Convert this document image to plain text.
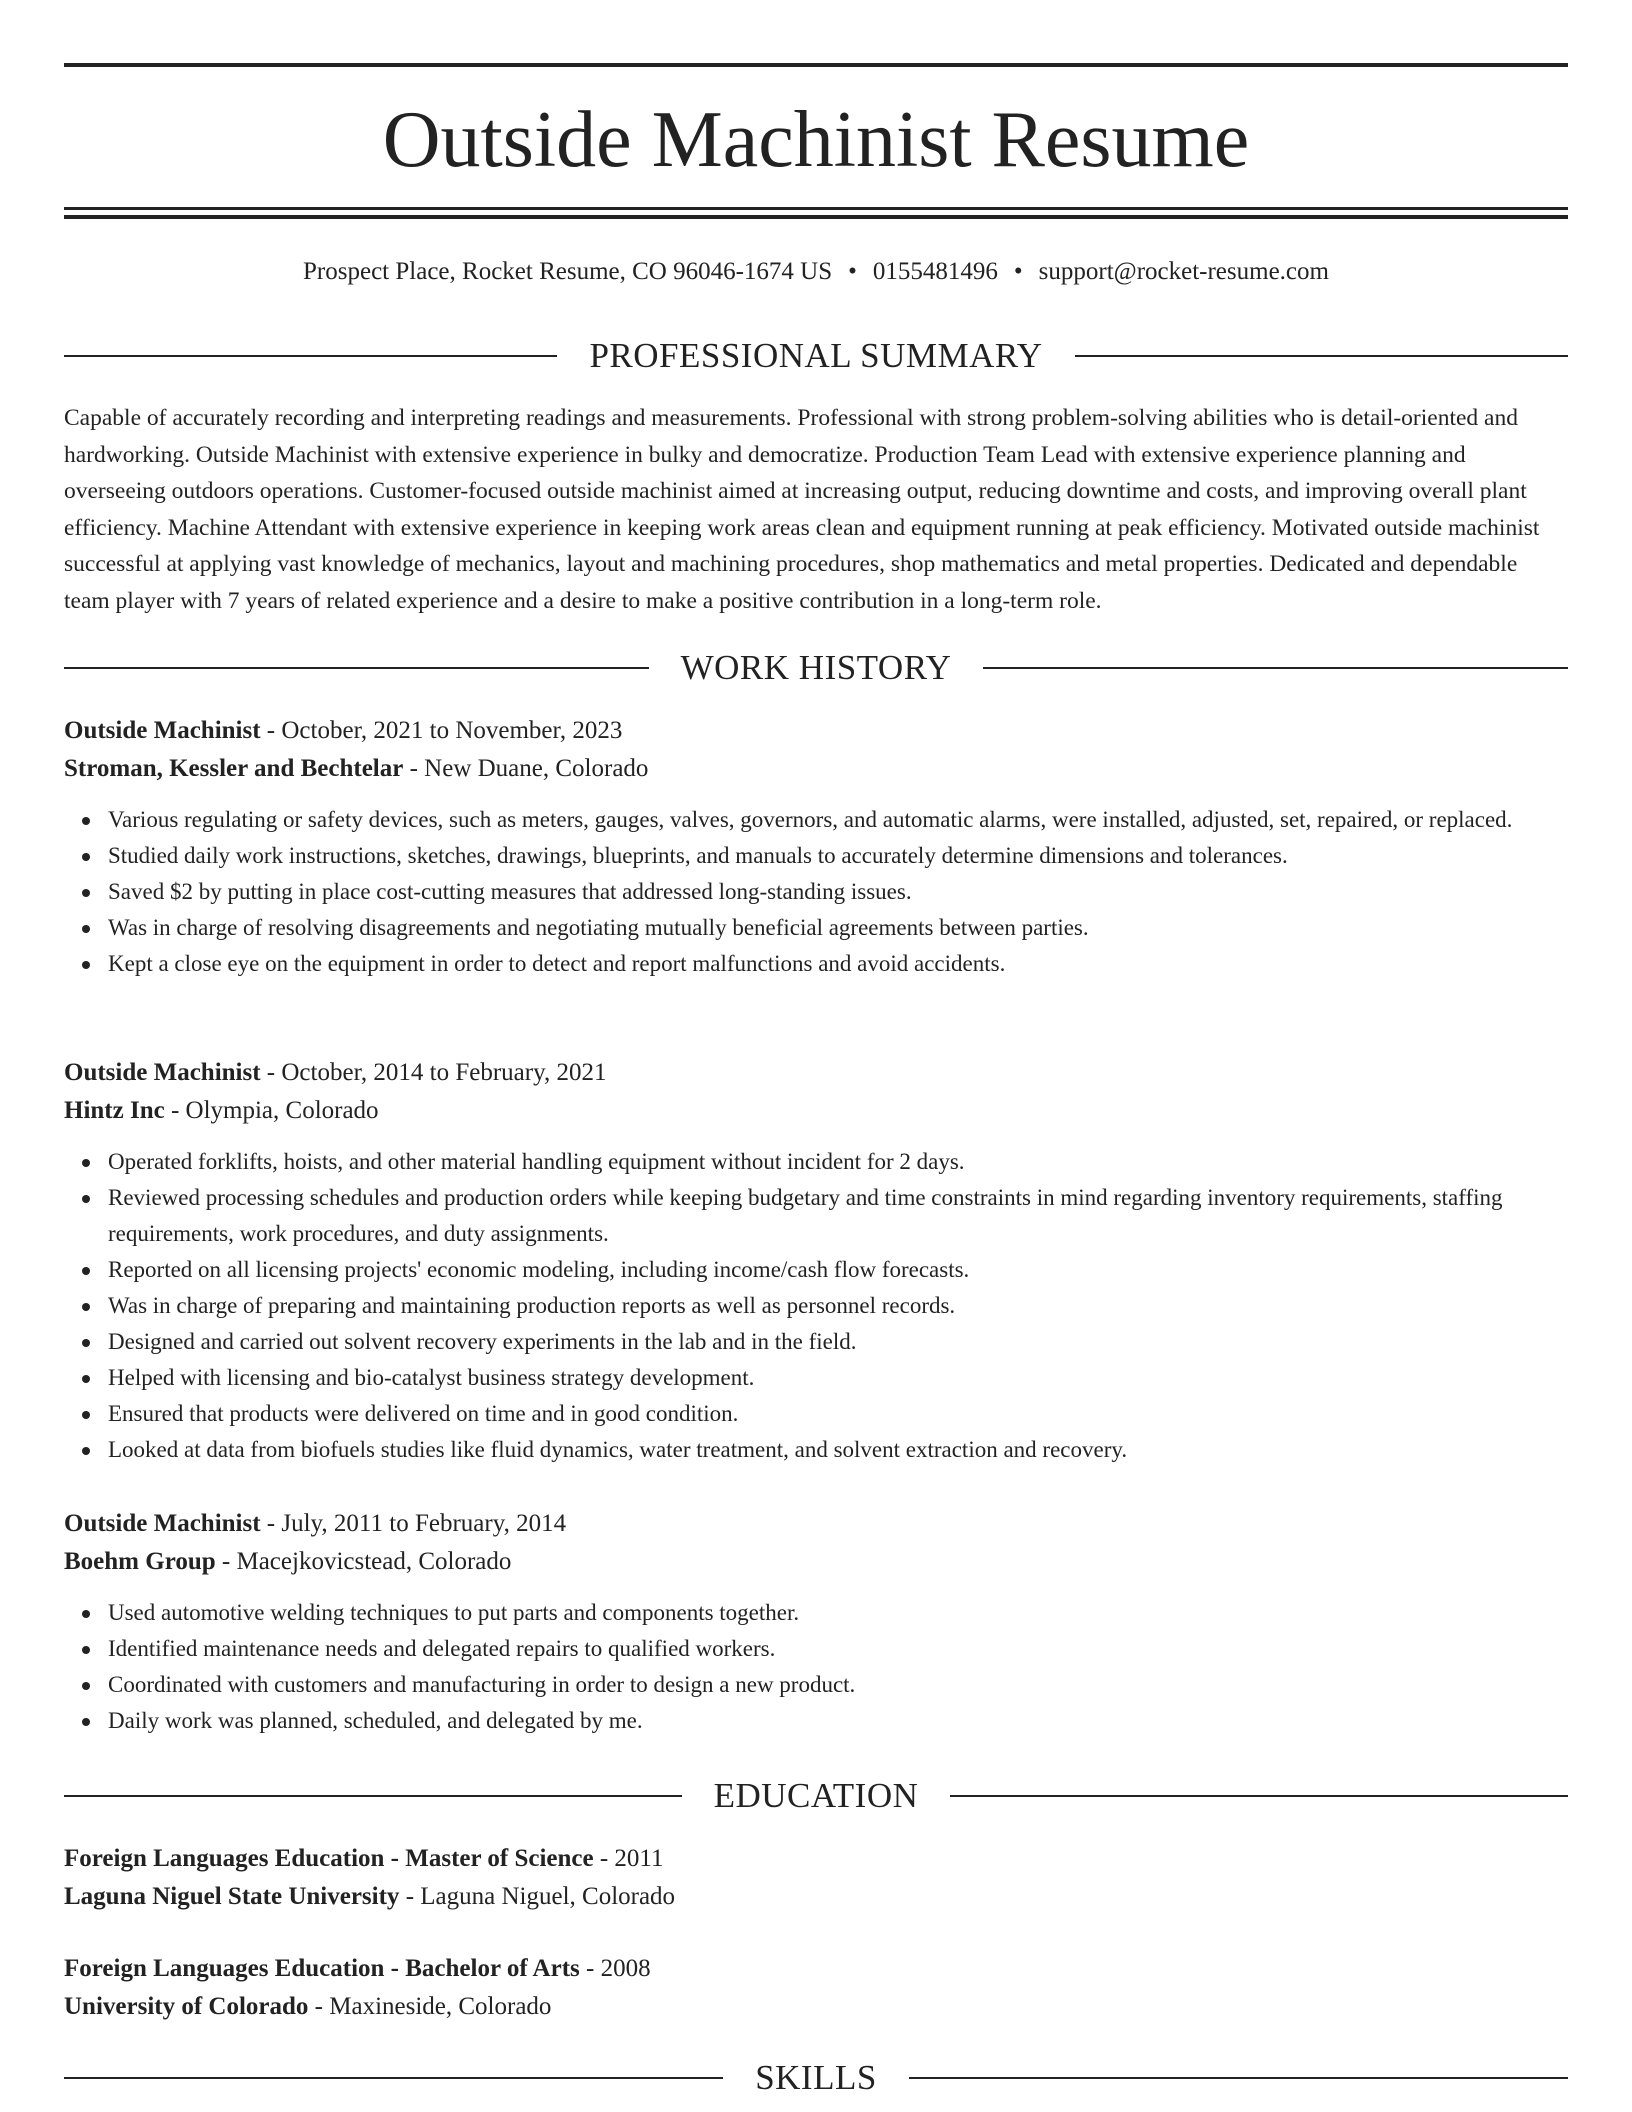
Outside Machinist Resume
Prospect Place, Rocket Resume, CO 96046-1674 US • 0155481496 • support@rocket-resume.com
PROFESSIONAL SUMMARY

Capable of accurately recording and interpreting readings and measurements. Professional with strong problem-solving abilities who is detail-oriented and hardworking. Outside Machinist with extensive experience in bulky and democratize. Production Team Lead with extensive experience planning and overseeing outdoors operations. Customer-focused outside machinist aimed at increasing output, reducing downtime and costs, and improving overall plant efficiency. Machine Attendant with extensive experience in keeping work areas clean and equipment running at peak efficiency. Motivated outside machinist successful at applying vast knowledge of mechanics, layout and machining procedures, shop mathematics and metal properties. Dedicated and dependable team player with 7 years of related experience and a desire to make a positive contribution in a long-term role.

WORK HISTORY
Outside Machinist - October, 2021 to November, 2023
Stroman, Kessler and Bechtelar - New Duane, Colorado
Various regulating or safety devices, such as meters, gauges, valves, governors, and automatic alarms, were installed, adjusted, set, repaired, or replaced.
Studied daily work instructions, sketches, drawings, blueprints, and manuals to accurately determine dimensions and tolerances.
Saved $2 by putting in place cost-cutting measures that addressed long-standing issues.
Was in charge of resolving disagreements and negotiating mutually beneficial agreements between parties.
Kept a close eye on the equipment in order to detect and report malfunctions and avoid accidents.
Outside Machinist - October, 2014 to February, 2021
Hintz Inc - Olympia, Colorado
Operated forklifts, hoists, and other material handling equipment without incident for 2 days.
Reviewed processing schedules and production orders while keeping budgetary and time constraints in mind regarding inventory requirements, staffing requirements, work procedures, and duty assignments.
Reported on all licensing projects' economic modeling, including income/cash flow forecasts.
Was in charge of preparing and maintaining production reports as well as personnel records.
Designed and carried out solvent recovery experiments in the lab and in the field.
Helped with licensing and bio-catalyst business strategy development.
Ensured that products were delivered on time and in good condition.
Looked at data from biofuels studies like fluid dynamics, water treatment, and solvent extraction and recovery.
Outside Machinist - July, 2011 to February, 2014
Boehm Group - Macejkovicstead, Colorado
Used automotive welding techniques to put parts and components together.
Identified maintenance needs and delegated repairs to qualified workers.
Coordinated with customers and manufacturing in order to design a new product.
Daily work was planned, scheduled, and delegated by me.
EDUCATION
Foreign Languages Education - Master of Science - 2011
Laguna Niguel State University - Laguna Niguel, Colorado
Foreign Languages Education - Bachelor of Arts - 2008
University of Colorado - Maxineside, Colorado
SKILLS
